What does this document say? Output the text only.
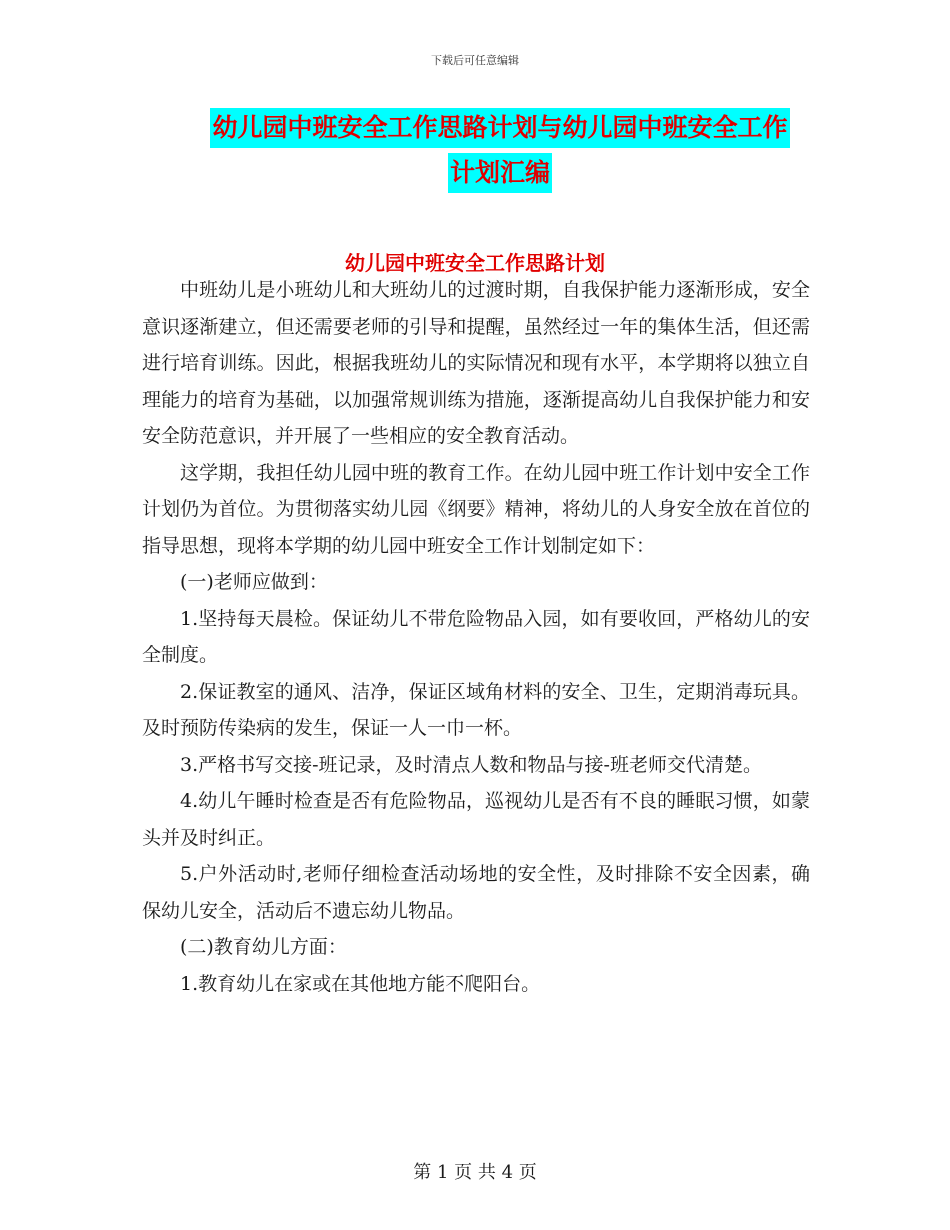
下载后可任意编辑
幼儿园中班安全工作思路计划与幼儿园中班安全工作
计划汇编
幼儿园中班安全工作思路计划

中班幼儿是小班幼儿和大班幼儿的过渡时期，自我保护能力逐渐形成，安全意识逐渐建立，但还需要老师的引导和提醒，虽然经过一年的集体生活，但还需进行培育训练。因此，根据我班幼儿的实际情况和现有水平，本学期将以独立自理能力的培育为基础，以加强常规训练为措施，逐渐提高幼儿自我保护能力和安安全防范意识，并开展了一些相应的安全教育活动。

这学期，我担任幼儿园中班的教育工作。在幼儿园中班工作计划中安全工作计划仍为首位。为贯彻落实幼儿园《纲要》精神，将幼儿的人身安全放在首位的指导思想，现将本学期的幼儿园中班安全工作计划制定如下：

(一)老师应做到：

1.坚持每天晨检。保证幼儿不带危险物品入园，如有要收回，严格幼儿的安全制度。

2.保证教室的通风、洁净，保证区域角材料的安全、卫生，定期消毒玩具。及时预防传染病的发生，保证一人一巾一杯。

3.严格书写交接-班记录，及时清点人数和物品与接-班老师交代清楚。

4.幼儿午睡时检查是否有危险物品，巡视幼儿是否有不良的睡眠习惯，如蒙头并及时纠正。

5.户外活动时,老师仔细检查活动场地的安全性，及时排除不安全因素，确保幼儿安全，活动后不遗忘幼儿物品。

(二)教育幼儿方面：

1.教育幼儿在家或在其他地方能不爬阳台。

第 1 页 共 4 页
